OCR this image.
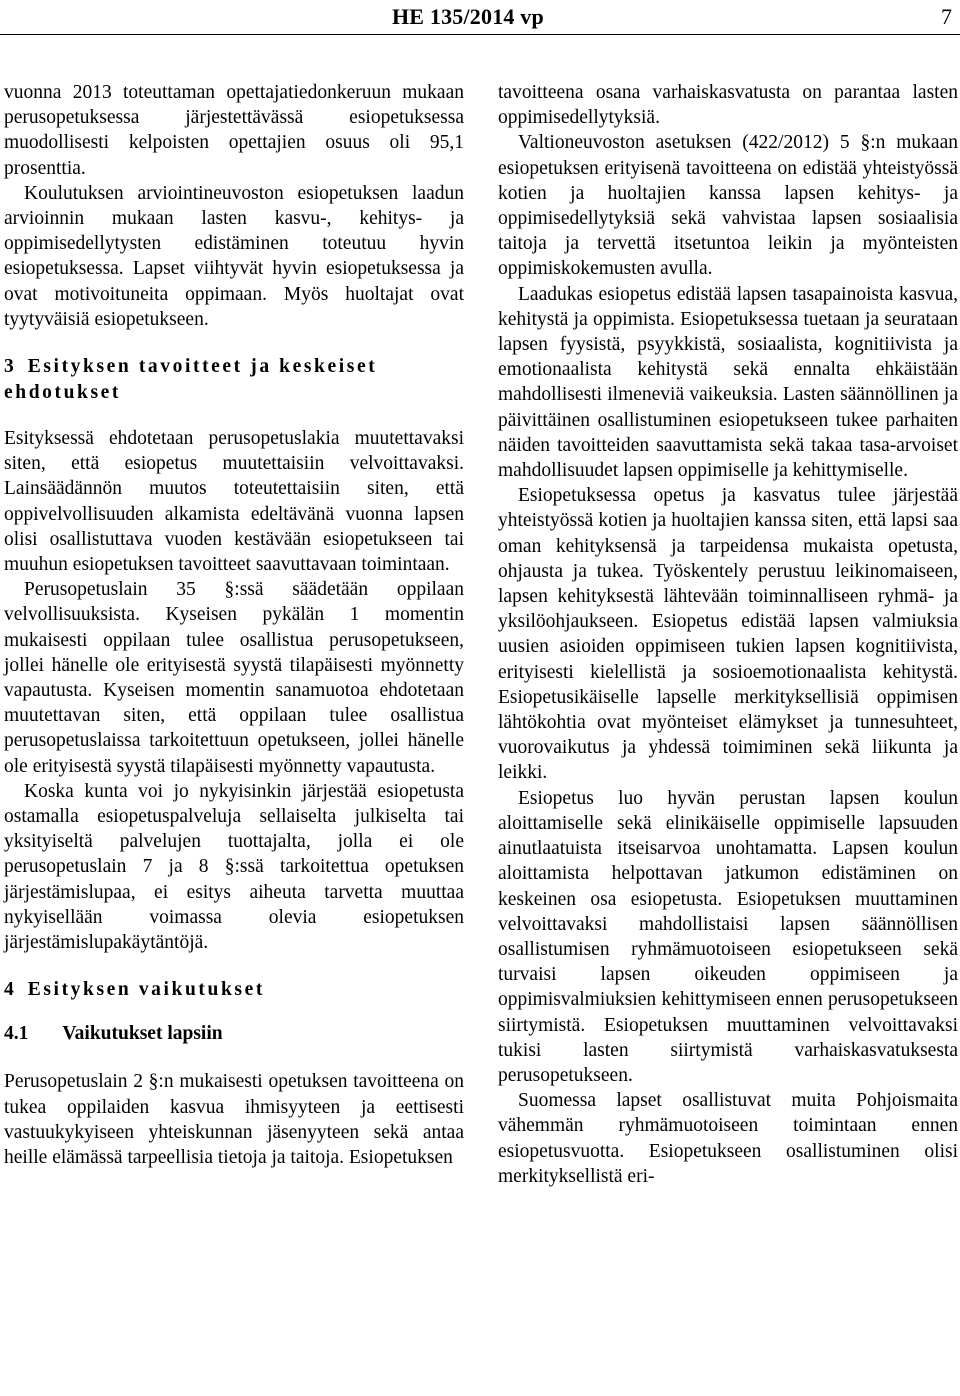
HE 135/2014 vp	7

vuonna 2013 toteuttaman opettajatiedonkeruun mukaan perusopetuksessa järjestettävässä esiopetuksessa muodollisesti kelpoisten opettajien osuus oli 95,1 prosenttia.

Koulutuksen arviointineuvoston esiopetuksen laadun arvioinnin mukaan lasten kasvu-, kehitys- ja oppimisedellytysten edistäminen toteutuu hyvin esiopetuksessa. Lapset viihtyvät hyvin esiopetuksessa ja ovat motivoituneita oppimaan. Myös huoltajat ovat tyytyväisiä esiopetukseen.

3 Esityksen tavoitteet ja keskeiset ehdotukset

Esityksessä ehdotetaan perusopetuslakia muutettavaksi siten, että esiopetus muutettaisiin velvoittavaksi. Lainsäädännön muutos toteutettaisiin siten, että oppivelvollisuuden alkamista edeltävänä vuonna lapsen olisi osallistuttava vuoden kestävään esiopetukseen tai muuhun esiopetuksen tavoitteet saavuttavaan toimintaan.

Perusopetuslain 35 §:ssä säädetään oppilaan velvollisuuksista. Kyseisen pykälän 1 momentin mukaisesti oppilaan tulee osallistua perusopetukseen, jollei hänelle ole erityisestä syystä tilapäisesti myönnetty vapautusta. Kyseisen momentin sanamuotoa ehdotetaan muutettavan siten, että oppilaan tulee osallistua perusopetuslaissa tarkoitettuun opetukseen, jollei hänelle ole erityisestä syystä tilapäisesti myönnetty vapautusta.

Koska kunta voi jo nykyisinkin järjestää esiopetusta ostamalla esiopetuspalveluja sellaiselta julkiselta tai yksityiseltä palvelujen tuottajalta, jolla ei ole perusopetuslain 7 ja 8 §:ssä tarkoitettua opetuksen järjestämislupaa, ei esitys aiheuta tarvetta muuttaa nykyisellään voimassa olevia esiopetuksen järjestämislupakäytäntöjä.

4 Esityksen vaikutukset
4.1 Vaikutukset lapsiin

Perusopetuslain 2 §:n mukaisesti opetuksen tavoitteena on tukea oppilaiden kasvua ihmisyyteen ja eettisesti vastuukykyiseen yhteiskunnan jäsenyyteen sekä antaa heille elämässä tarpeellisia tietoja ja taitoja. Esiopetuksen

tavoitteena osana varhaiskasvatusta on parantaa lasten oppimisedellytyksiä.

Valtioneuvoston asetuksen (422/2012) 5 §:n mukaan esiopetuksen erityisenä tavoitteena on edistää yhteistyössä kotien ja huoltajien kanssa lapsen kehitys- ja oppimisedellytyksiä sekä vahvistaa lapsen sosiaalisia taitoja ja tervettä itsetuntoa leikin ja myönteisten oppimiskokemusten avulla.

Laadukas esiopetus edistää lapsen tasapainoista kasvua, kehitystä ja oppimista. Esiopetuksessa tuetaan ja seurataan lapsen fyysistä, psyykkistä, sosiaalista, kognitiivista ja emotionaalista kehitystä sekä ennalta ehkäistään mahdollisesti ilmeneviä vaikeuksia. Lasten säännöllinen ja päivittäinen osallistuminen esiopetukseen tukee parhaiten näiden tavoitteiden saavuttamista sekä takaa tasa-arvoiset mahdollisuudet lapsen oppimiselle ja kehittymiselle.

Esiopetuksessa opetus ja kasvatus tulee järjestää yhteistyössä kotien ja huoltajien kanssa siten, että lapsi saa oman kehityksensä ja tarpeidensa mukaista opetusta, ohjausta ja tukea. Työskentely perustuu leikinomaiseen, lapsen kehityksestä lähtevään toiminnalliseen ryhmä- ja yksilöohjaukseen. Esiopetus edistää lapsen valmiuksia uusien asioiden oppimiseen tukien lapsen kognitiivista, erityisesti kielellistä ja sosioemotionaalista kehitystä. Esiopetusikäiselle lapselle merkityksellisiä oppimisen lähtökohtia ovat myönteiset elämykset ja tunnesuhteet, vuorovaikutus ja yhdessä toimiminen sekä liikunta ja leikki.

Esiopetus luo hyvän perustan lapsen koulun aloittamiselle sekä elinikäiselle oppimiselle lapsuuden ainutlaatuista itseisarvoa unohtamatta. Lapsen koulun aloittamista helpottavan jatkumon edistäminen on keskeinen osa esiopetusta. Esiopetuksen muuttaminen velvoittavaksi mahdollistaisi lapsen säännöllisen osallistumisen ryhmämuotoiseen esiopetukseen sekä turvaisi lapsen oikeuden oppimiseen ja oppimisvalmiuksien kehittymiseen ennen perusopetukseen siirtymistä. Esiopetuksen muuttaminen velvoittavaksi tukisi lasten siirtymistä varhaiskasvatuksesta perusopetukseen.

Suomessa lapset osallistuvat muita Pohjoismaita vähemmän ryhmämuotoiseen toimintaan ennen esiopetusvuotta. Esiopetukseen osallistuminen olisi merkityksellistä eri-
